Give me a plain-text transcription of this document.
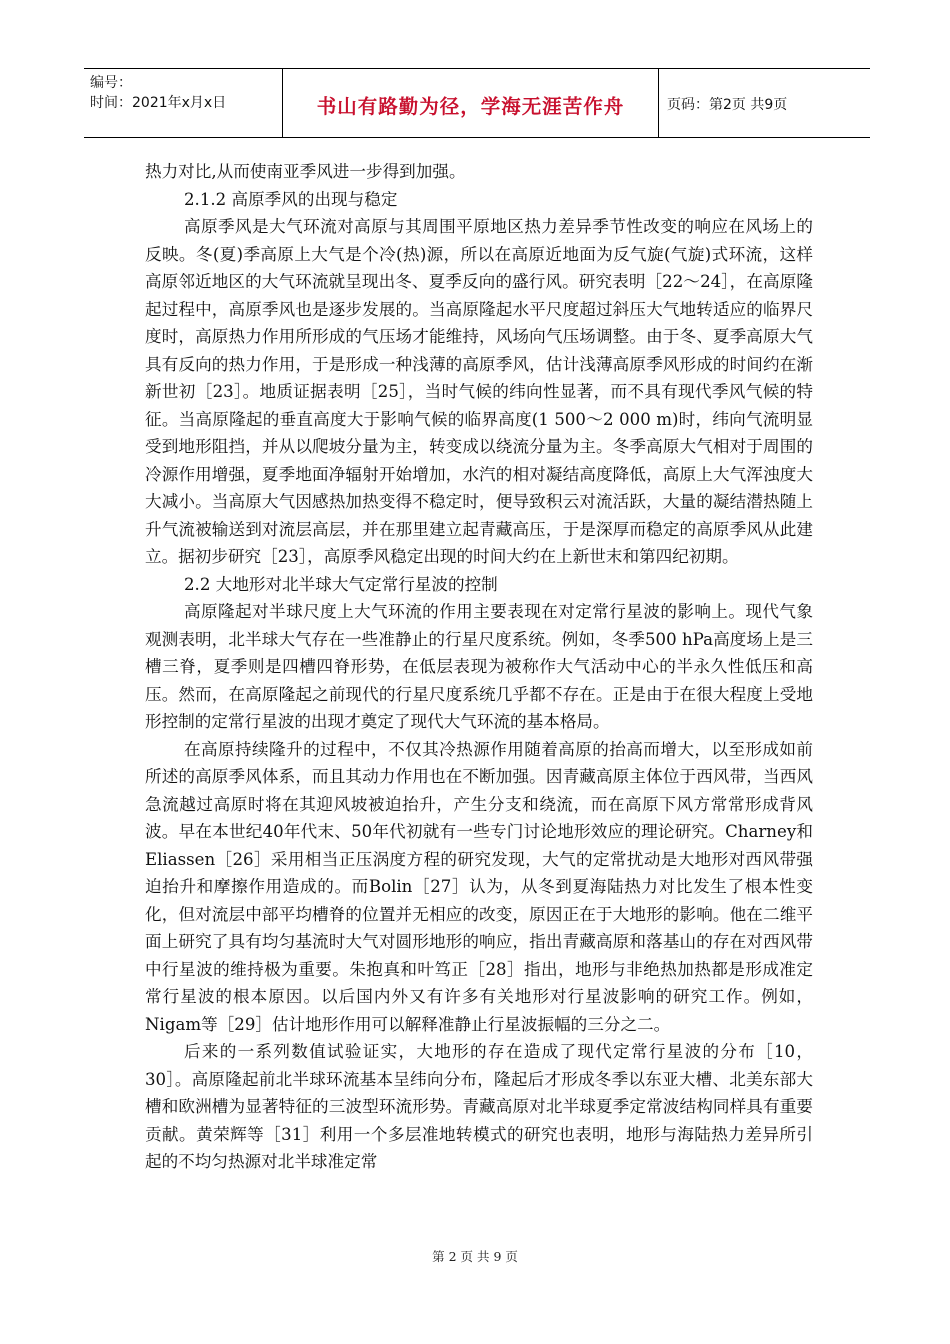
编号：
时间：2021年x月x日	书山有路勤为径，学海无涯苦作舟	页码：第2页 共9页

热力对比,从而使南亚季风进一步得到加强。

2.1.2 高原季风的出现与稳定

高原季风是大气环流对高原与其周围平原地区热力差异季节性改变的响应在风场上的反映。冬(夏)季高原上大气是个冷(热)源，所以在高原近地面为反气旋(气旋)式环流，这样高原邻近地区的大气环流就呈现出冬、夏季反向的盛行风。研究表明［22～24］，在高原隆起过程中，高原季风也是逐步发展的。当高原隆起水平尺度超过斜压大气地转适应的临界尺度时，高原热力作用所形成的气压场才能维持，风场向气压场调整。由于冬、夏季高原大气具有反向的热力作用，于是形成一种浅薄的高原季风，估计浅薄高原季风形成的时间约在渐新世初［23］。地质证据表明［25］，当时气候的纬向性显著，而不具有现代季风气候的特征。当高原隆起的垂直高度大于影响气候的临界高度(1 500～2 000 m)时，纬向气流明显受到地形阻挡，并从以爬坡分量为主，转变成以绕流分量为主。冬季高原大气相对于周围的冷源作用增强，夏季地面净辐射开始增加，水汽的相对凝结高度降低，高原上大气浑浊度大大减小。当高原大气因感热加热变得不稳定时，便导致积云对流活跃，大量的凝结潜热随上升气流被输送到对流层高层，并在那里建立起青藏高压，于是深厚而稳定的高原季风从此建立。据初步研究［23］，高原季风稳定出现的时间大约在上新世末和第四纪初期。

2.2 大地形对北半球大气定常行星波的控制

高原隆起对半球尺度上大气环流的作用主要表现在对定常行星波的影响上。现代气象观测表明，北半球大气存在一些准静止的行星尺度系统。例如，冬季500 hPa高度场上是三槽三脊，夏季则是四槽四脊形势，在低层表现为被称作大气活动中心的半永久性低压和高压。然而，在高原隆起之前现代的行星尺度系统几乎都不存在。正是由于在很大程度上受地形控制的定常行星波的出现才奠定了现代大气环流的基本格局。

在高原持续隆升的过程中，不仅其冷热源作用随着高原的抬高而增大，以至形成如前所述的高原季风体系，而且其动力作用也在不断加强。因青藏高原主体位于西风带，当西风急流越过高原时将在其迎风坡被迫抬升，产生分支和绕流，而在高原下风方常常形成背风波。早在本世纪40年代末、50年代初就有一些专门讨论地形效应的理论研究。Charney和Eliassen［26］采用相当正压涡度方程的研究发现，大气的定常扰动是大地形对西风带强迫抬升和摩擦作用造成的。而Bolin［27］认为，从冬到夏海陆热力对比发生了根本性变化，但对流层中部平均槽脊的位置并无相应的改变，原因正在于大地形的影响。他在二维平面上研究了具有均匀基流时大气对圆形地形的响应，指出青藏高原和落基山的存在对西风带中行星波的维持极为重要。朱抱真和叶笃正［28］指出，地形与非绝热加热都是形成准定常行星波的根本原因。以后国内外又有许多有关地形对行星波影响的研究工作。例如，Nigam等［29］估计地形作用可以解释准静止行星波振幅的三分之二。

后来的一系列数值试验证实，大地形的存在造成了现代定常行星波的分布［10，30］。高原隆起前北半球环流基本呈纬向分布，隆起后才形成冬季以东亚大槽、北美东部大槽和欧洲槽为显著特征的三波型环流形势。青藏高原对北半球夏季定常波结构同样具有重要贡献。黄荣辉等［31］利用一个多层准地转模式的研究也表明，地形与海陆热力差异所引起的不均匀热源对北半球准定常

第 2 页 共 9 页
